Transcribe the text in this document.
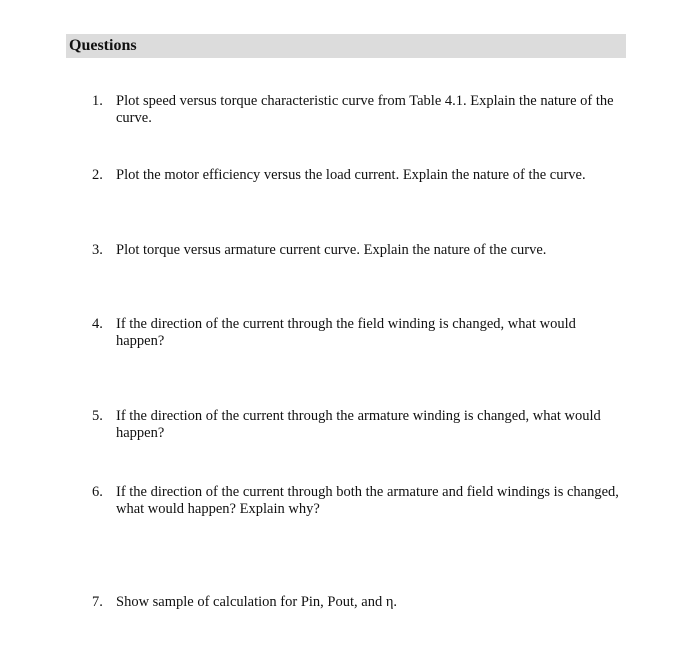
Questions
1. Plot speed versus torque characteristic curve from Table 4.1. Explain the nature of the curve.
2. Plot the motor efficiency versus the load current. Explain the nature of the curve.
3. Plot torque versus armature current curve. Explain the nature of the curve.
4. If the direction of the current through the field winding is changed, what would happen?
5. If the direction of the current through the armature winding is changed, what would happen?
6. If the direction of the current through both the armature and field windings is changed, what would happen? Explain why?
7. Show sample of calculation for Pin, Pout, and η.
